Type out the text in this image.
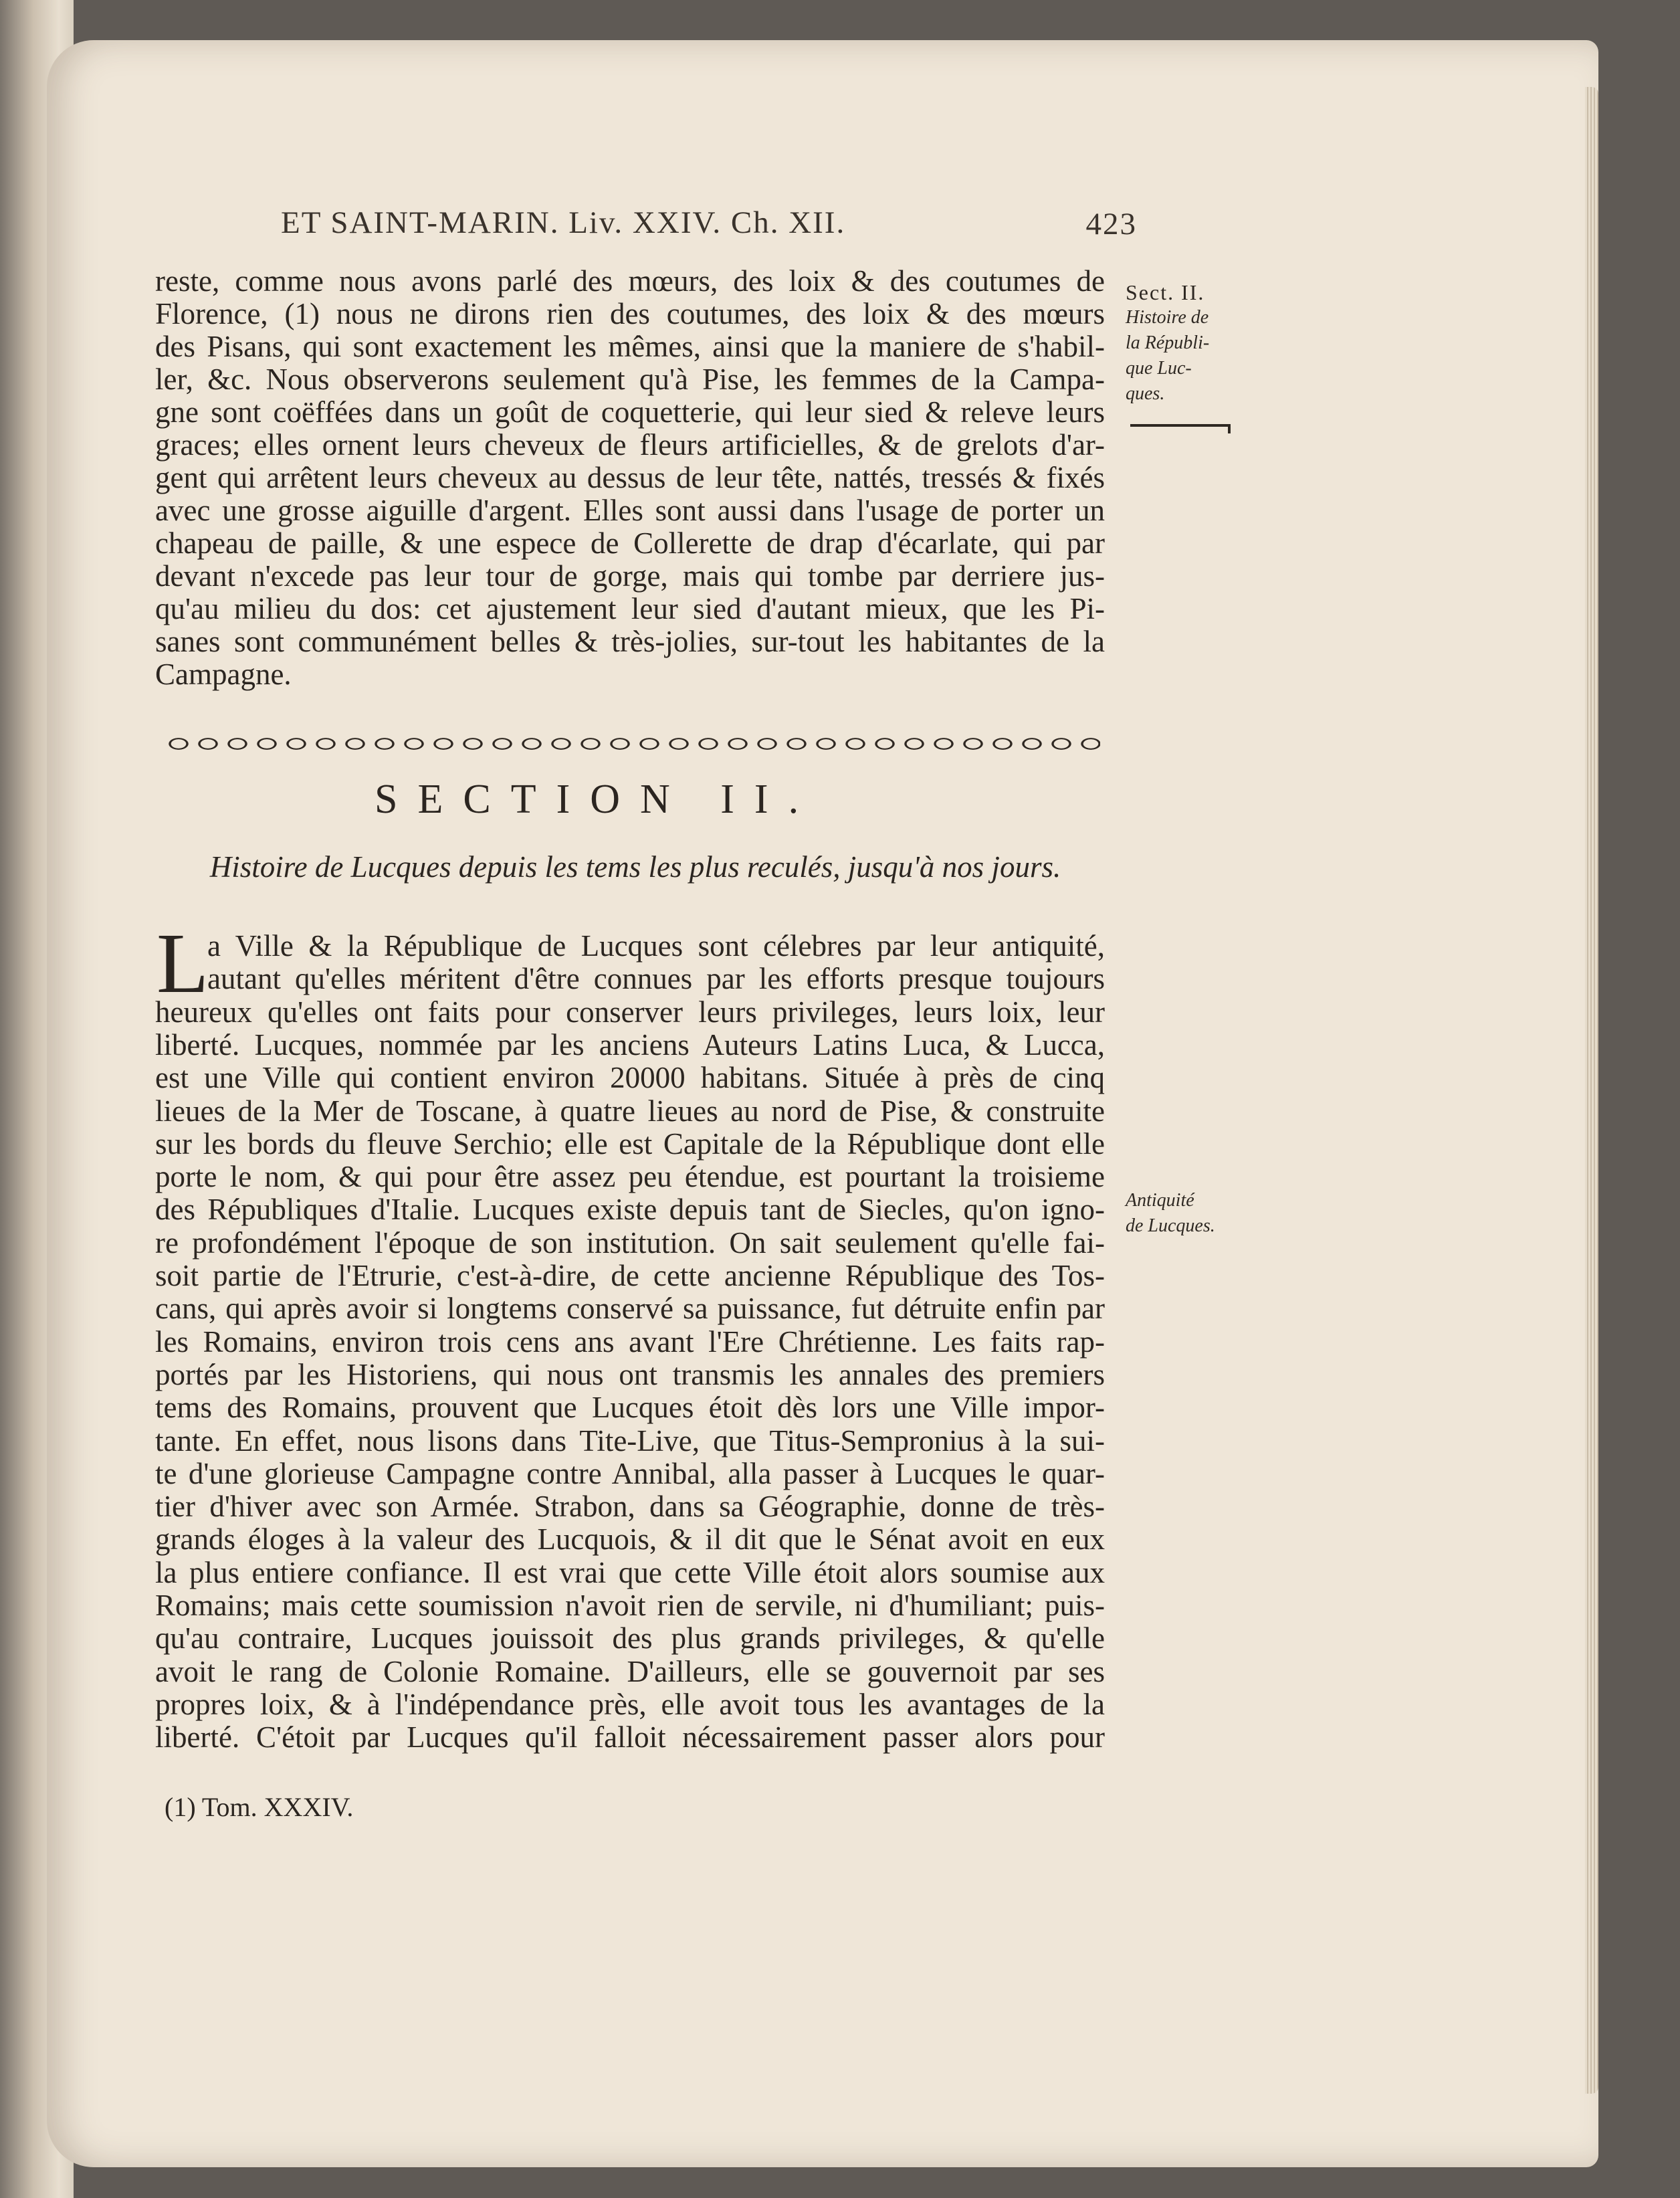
ET SAINT-MARIN. Liv. XXIV. Ch. XII.	423
reste, comme nous avons parlé des mœurs, des loix & des coutumes de
Florence, (1) nous ne dirons rien des coutumes, des loix & des mœurs
des Pisans, qui sont exactement les mêmes, ainsi que la maniere de s'habil-
ler, &c. Nous observerons seulement qu'à Pise, les femmes de la Campa-
gne sont coëffées dans un goût de coquetterie, qui leur sied & releve leurs
graces; elles ornent leurs cheveux de fleurs artificielles, & de grelots d'ar-
gent qui arrêtent leurs cheveux au dessus de leur tête, nattés, tressés & fixés
avec une grosse aiguille d'argent. Elles sont aussi dans l'usage de porter un
chapeau de paille, & une espece de Collerette de drap d'écarlate, qui par
devant n'excede pas leur tour de gorge, mais qui tombe par derriere jus-
qu'au milieu du dos: cet ajustement leur sied d'autant mieux, que les Pi-
sanes sont communément belles & très-jolies, sur-tout les habitantes de la
Campagne.
Sect. II.
Histoire de
la Républi-
que Luc-
ques.
SECTION II.
Histoire de Lucques depuis les tems les plus reculés, jusqu'à nos jours.
L
a Ville & la République de Lucques sont célebres par leur antiquité,
autant qu'elles méritent d'être connues par les efforts presque toujours
heureux qu'elles ont faits pour conserver leurs privileges, leurs loix, leur
liberté. Lucques, nommée par les anciens Auteurs Latins Luca, & Lucca,
est une Ville qui contient environ 20000 habitans. Située à près de cinq
lieues de la Mer de Toscane, à quatre lieues au nord de Pise, & construite
sur les bords du fleuve Serchio; elle est Capitale de la République dont elle
porte le nom, & qui pour être assez peu étendue, est pourtant la troisieme
des Républiques d'Italie. Lucques existe depuis tant de Siecles, qu'on igno-
re profondément l'époque de son institution. On sait seulement qu'elle fai-
soit partie de l'Etrurie, c'est-à-dire, de cette ancienne République des Tos-
cans, qui après avoir si longtems conservé sa puissance, fut détruite enfin par
les Romains, environ trois cens ans avant l'Ere Chrétienne. Les faits rap-
portés par les Historiens, qui nous ont transmis les annales des premiers
tems des Romains, prouvent que Lucques étoit dès lors une Ville impor-
tante. En effet, nous lisons dans Tite-Live, que Titus-Sempronius à la sui-
te d'une glorieuse Campagne contre Annibal, alla passer à Lucques le quar-
tier d'hiver avec son Armée. Strabon, dans sa Géographie, donne de très-
grands éloges à la valeur des Lucquois, & il dit que le Sénat avoit en eux
la plus entiere confiance. Il est vrai que cette Ville étoit alors soumise aux
Romains; mais cette soumission n'avoit rien de servile, ni d'humiliant; puis-
qu'au contraire, Lucques jouissoit des plus grands privileges, & qu'elle
avoit le rang de Colonie Romaine. D'ailleurs, elle se gouvernoit par ses
propres loix, & à l'indépendance près, elle avoit tous les avantages de la
liberté. C'étoit par Lucques qu'il falloit nécessairement passer alors pour
Antiquité
de Lucques.
(1) Tom. XXXIV.
